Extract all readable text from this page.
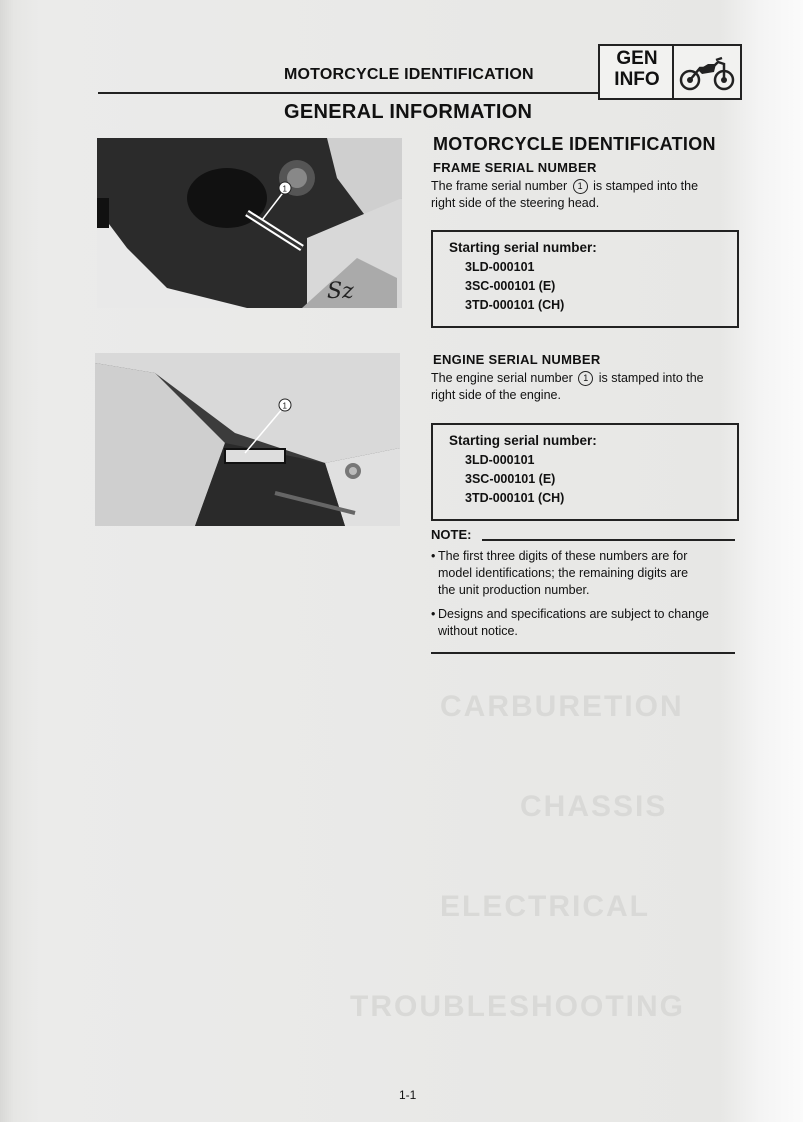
CARBURETION
CHASSIS
ELECTRICAL
TROUBLESHOOTING
MOTORCYCLE IDENTIFICATION
GEN
INFO
GENERAL INFORMATION
Sz
1
1
MOTORCYCLE IDENTIFICATION
FRAME SERIAL NUMBER
The frame serial number 1 is stamped into the
right side of the steering head.
Starting serial number:
3LD-000101
3SC-000101 (E)
3TD-000101 (CH)
ENGINE SERIAL NUMBER
The engine serial number 1 is stamped into the
right side of the engine.
Starting serial number:
3LD-000101
3SC-000101 (E)
3TD-000101 (CH)
NOTE:
• The first three digits of these numbers are for
model identifications; the remaining digits are
the unit production number.
• Designs and specifications are subject to change
without notice.
1-1
